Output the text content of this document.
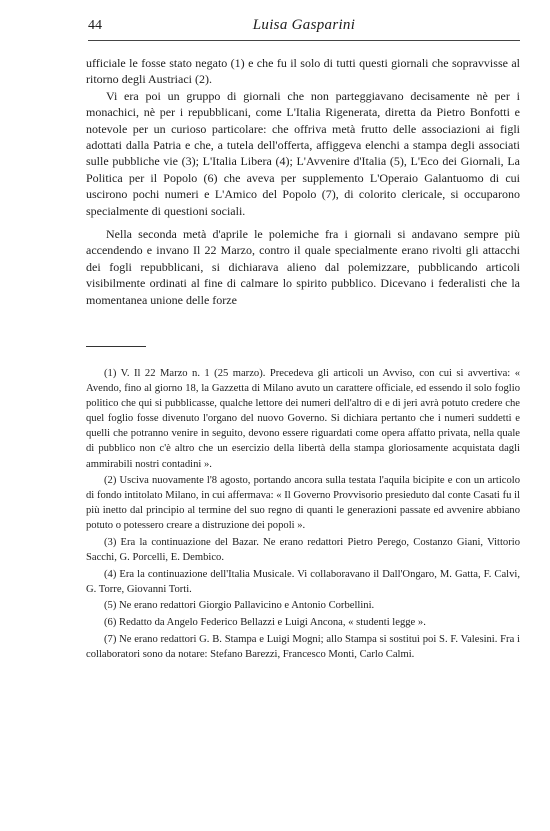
44	Luisa Gasparini

ufficiale le fosse stato negato (1) e che fu il solo di tutti questi giornali che sopravvisse al ritorno degli Austriaci (2).

Vi era poi un gruppo di giornali che non parteggiavano decisamente nè per i monachici, nè per i repubblicani, come L'Italia Rigenerata, diretta da Pietro Bonfotti e notevole per un curioso particolare: che offriva metà frutto delle associazioni ai figli adottati dalla Patria e che, a tutela dell'offerta, affiggeva elenchi a stampa degli associati sulle pubbliche vie (3); L'Italia Libera (4); L'Avvenire d'Italia (5), L'Eco dei Giornali, La Politica per il Popolo (6) che aveva per supplemento L'Operaio Galantuomo di cui uscirono pochi numeri e L'Amico del Popolo (7), di colorito clericale, si occuparono specialmente di questioni sociali.

Nella seconda metà d'aprile le polemiche fra i giornali si andavano sempre più accendendo e invano Il 22 Marzo, contro il quale specialmente erano rivolti gli attacchi dei fogli repubblicani, si dichiarava alieno dal polemizzare, pubblicando articoli visibilmente ordinati al fine di calmare lo spirito pubblico. Dicevano i federalisti che la momentanea unione delle forze

(1) V. Il 22 Marzo n. 1 (25 marzo). Precedeva gli articoli un Avviso, con cui si avvertiva: « Avendo, fino al giorno 18, la Gazzetta di Milano avuto un carattere officiale, ed essendo il solo foglio politico che qui si pubblicasse, qualche lettore dei numeri dell'altro di e di jeri avrà potuto credere che quel foglio fosse divenuto l'organo del nuovo Governo. Si dichiara pertanto che i numeri suddetti e quelli che potranno venire in seguito, devono essere riguardati come opera affatto privata, nella quale di pubblico non c'è altro che un esercizio della libertà della stampa gloriosamente acquistata dagli ammirabili nostri contadini ».

(2) Usciva nuovamente l'8 agosto, portando ancora sulla testata l'aquila bicipite e con un articolo di fondo intitolato Milano, in cui affermava: « Il Governo Provvisorio presieduto dal conte Casati fu il più inetto dal principio al termine del suo regno di quanti le generazioni passate ed avvenire abbiano potuto o potessero creare a distruzione dei popoli ».

(3) Era la continuazione del Bazar. Ne erano redattori Pietro Perego, Costanzo Giani, Vittorio Sacchi, G. Porcelli, E. Dembico.

(4) Era la continuazione dell'Italia Musicale. Vi collaboravano il Dall'Ongaro, M. Gatta, F. Calvi, G. Torre, Giovanni Torti.

(5) Ne erano redattori Giorgio Pallavicino e Antonio Corbellini.

(6) Redatto da Angelo Federico Bellazzi e Luigi Ancona, « studenti legge ».

(7) Ne erano redattori G. B. Stampa e Luigi Mogni; allo Stampa si sostituì poi S. F. Valesini. Fra i collaboratori sono da notare: Stefano Barezzi, Francesco Monti, Carlo Calmi.
